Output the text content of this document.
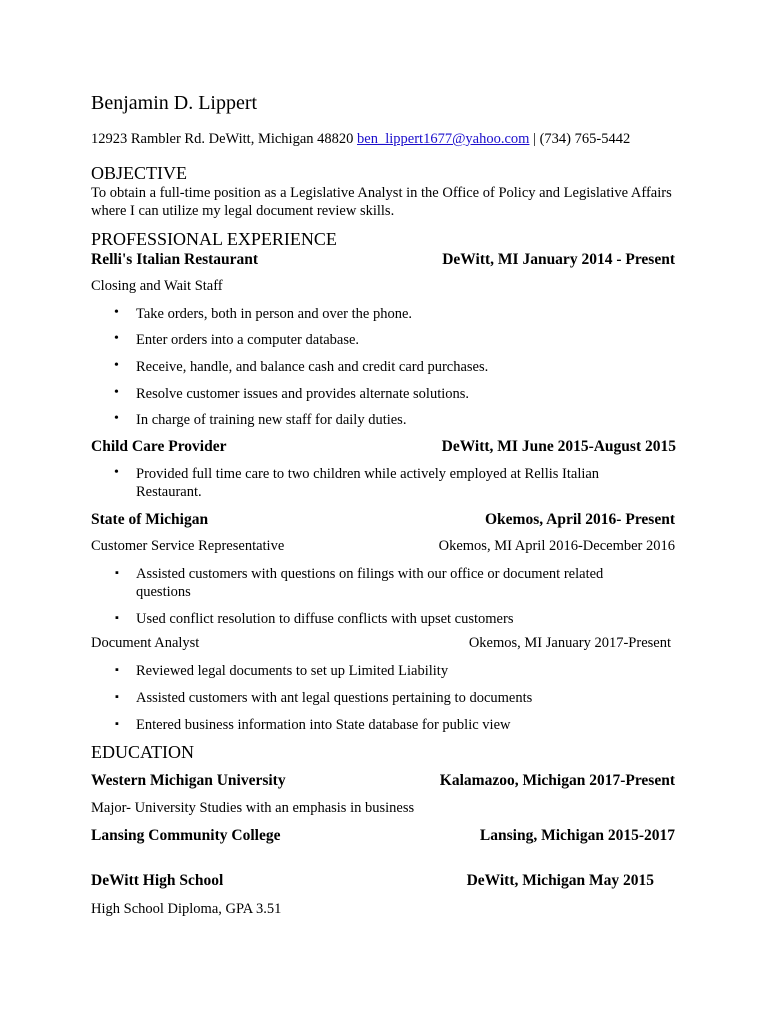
Benjamin D. Lippert
12923 Rambler Rd. DeWitt, Michigan 48820 ben_lippert1677@yahoo.com | (734) 765-5442
OBJECTIVE
To obtain a full-time position as a Legislative Analyst in the Office of Policy and Legislative Affairs where I can utilize my legal document review skills.
PROFESSIONAL EXPERIENCE
Relli's Italian Restaurant	DeWitt, MI January 2014 - Present
Closing and Wait Staff
• Take orders, both in person and over the phone.
• Enter orders into a computer database.
• Receive, handle, and balance cash and credit card purchases.
• Resolve customer issues and provides alternate solutions.
• In charge of training new staff for daily duties.
Child Care Provider	DeWitt, MI June 2015-August 2015
• Provided full time care to two children while actively employed at Rellis Italian Restaurant.
State of Michigan	Okemos, April 2016- Present
Customer Service Representative	Okemos, MI April 2016-December 2016
▪ Assisted customers with questions on filings with our office or document related questions
▪ Used conflict resolution to diffuse conflicts with upset customers
Document Analyst	Okemos, MI January 2017-Present
▪ Reviewed legal documents to set up Limited Liability
▪ Assisted customers with ant legal questions pertaining to documents
▪ Entered business information into State database for public view
EDUCATION
Western Michigan University	Kalamazoo, Michigan 2017-Present
Major- University Studies with an emphasis in business
Lansing Community College	Lansing, Michigan 2015-2017
DeWitt High School	DeWitt, Michigan May 2015
High School Diploma, GPA 3.51
